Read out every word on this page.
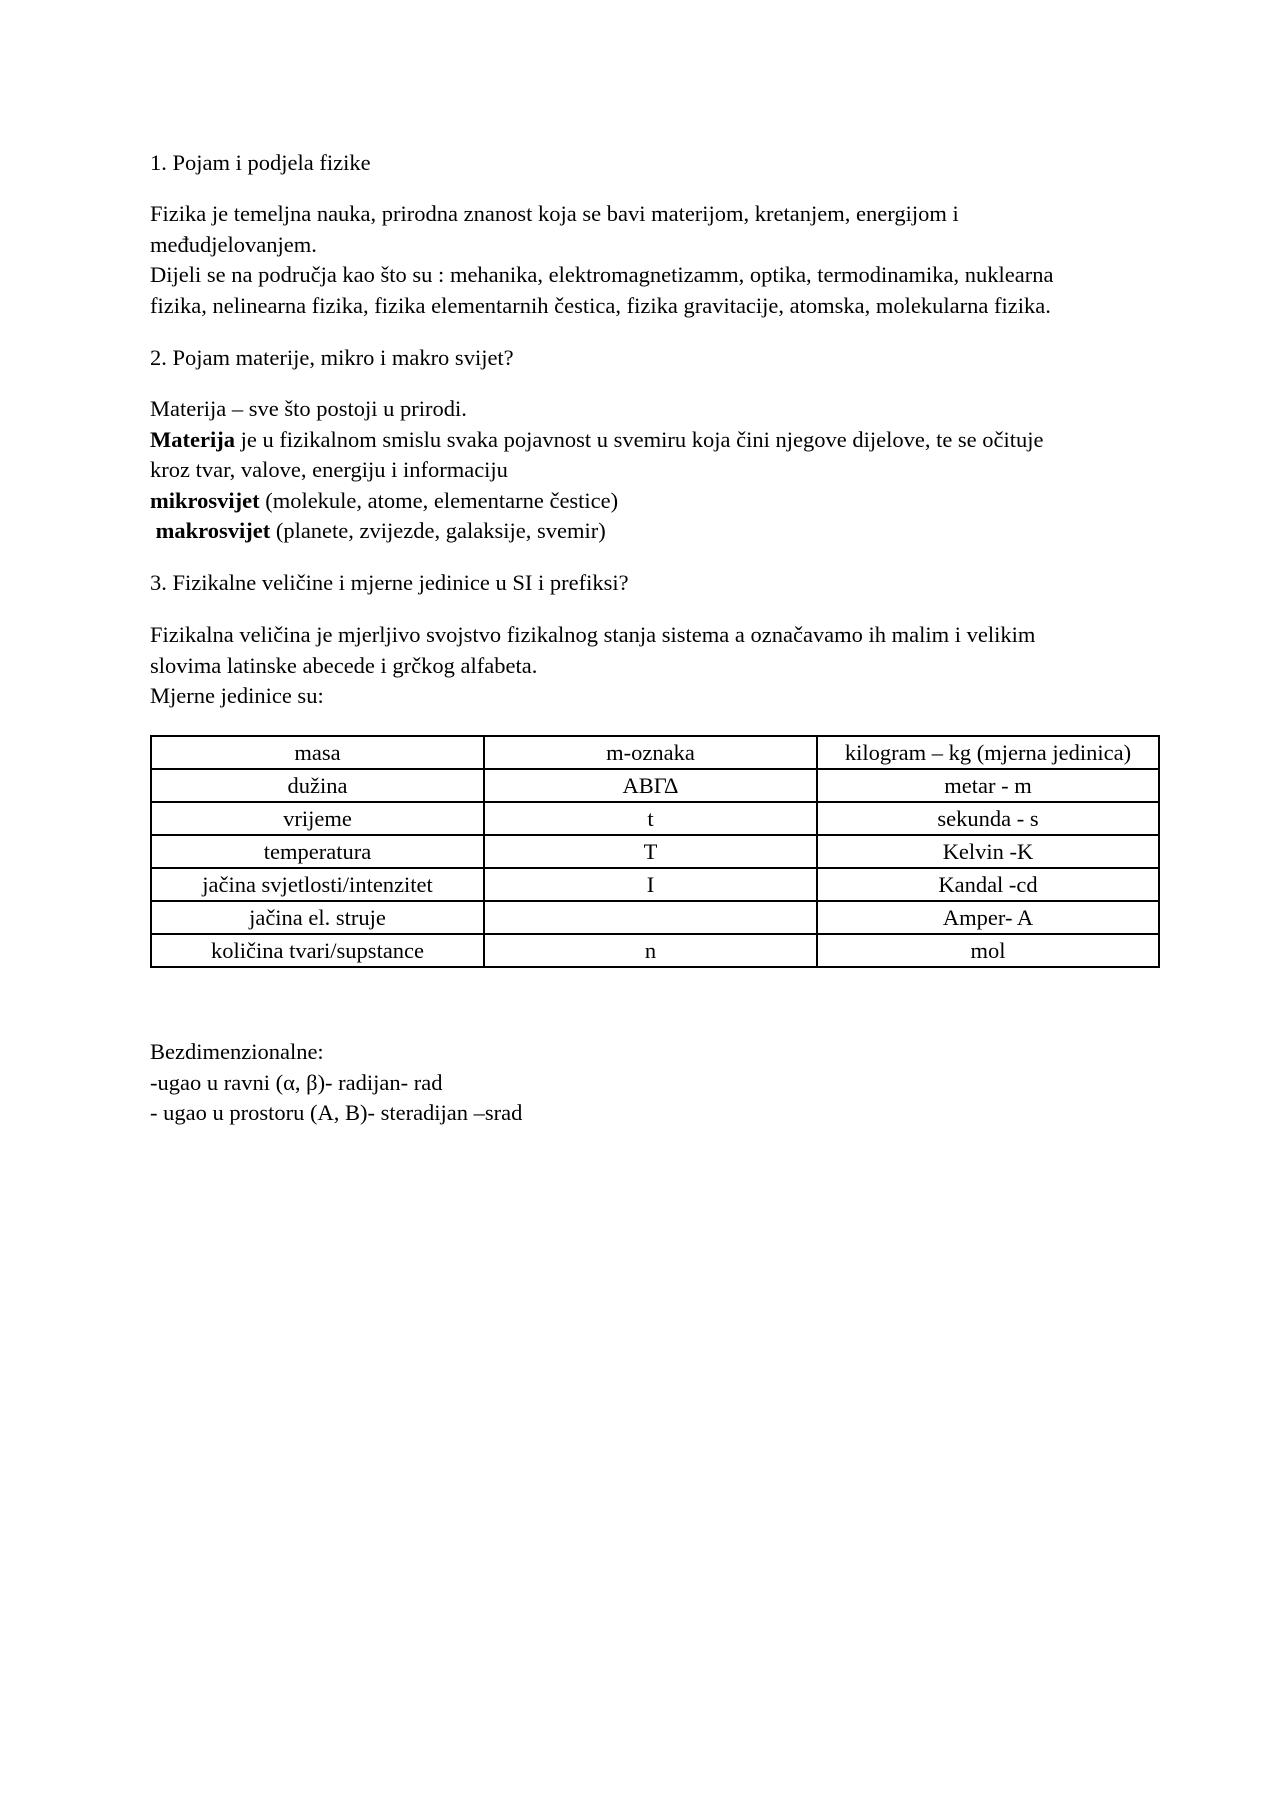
1. Pojam i podjela fizike

Fizika je temeljna nauka, prirodna znanost koja se bavi materijom, kretanjem, energijom i

međudjelovanjem.

Dijeli se na područja kao što su : mehanika, elektromagnetizamm, optika, termodinamika, nuklearna

fizika, nelinearna fizika, fizika elementarnih čestica, fizika gravitacije, atomska, molekularna fizika.

2. Pojam materije, mikro i makro svijet?

Materija – sve što postoji u prirodi.

Materija je u fizikalnom smislu svaka pojavnost u svemiru koja čini njegove dijelove, te se očituje

kroz tvar, valove, energiju i informaciju

mikrosvijet (molekule, atome, elementarne čestice)

makrosvijet (planete, zvijezde, galaksije, svemir)

3. Fizikalne veličine i mjerne jedinice u SI i prefiksi?

Fizikalna veličina je mjerljivo svojstvo fizikalnog stanja sistema a označavamo ih malim i velikim

slovima latinske abecede i grčkog alfabeta.

Mjerne jedinice su:

masa	m-oznaka	kilogram – kg (mjerna jedinica)
dužina	ΑΒΓΔ	metar - m
vrijeme	t	sekunda - s
temperatura	T	Kelvin -K
jačina svjetlosti/intenzitet	I	Kandal -cd
jačina el. struje		Amper- A
količina tvari/supstance	n	mol

Bezdimenzionalne:

-ugao u ravni (α, β)- radijan- rad

- ugao u prostoru (A, B)- steradijan –srad
